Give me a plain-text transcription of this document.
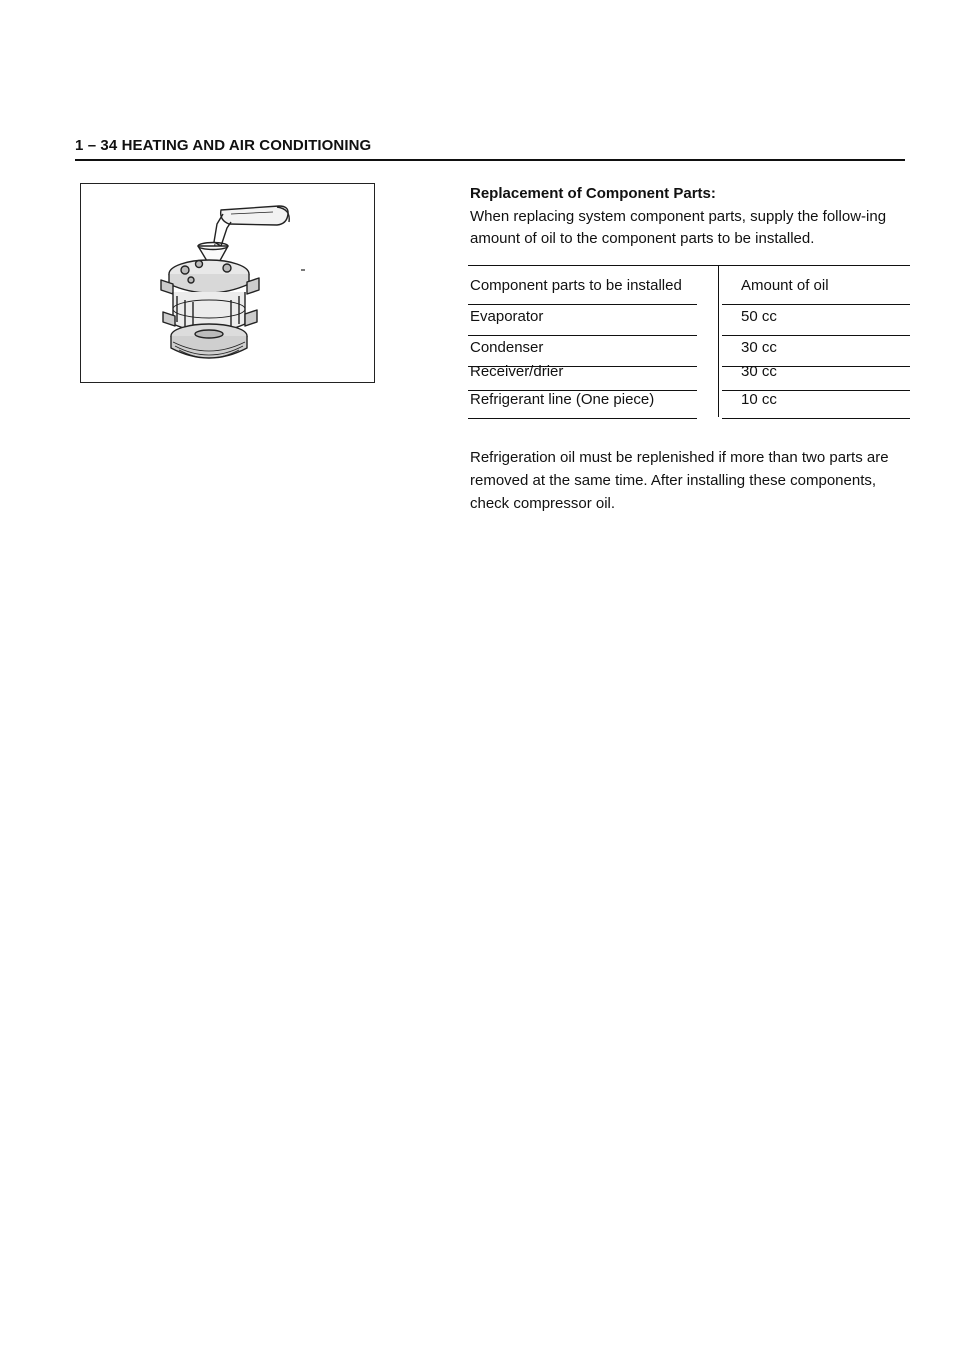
1 – 34 HEATING AND AIR CONDITIONING
Replacement of Component Parts:
When replacing system component parts, supply the follow-ing amount of oil to the component parts to be installed.
Component parts to be installed	Amount of oil
Evaporator	50 cc
Condenser	30 cc
Receiver/drier	30 cc
Refrigerant line (One piece)	10 cc
Refrigeration oil must be replenished if more than two parts are removed at the same time. After installing these components, check compressor oil.
